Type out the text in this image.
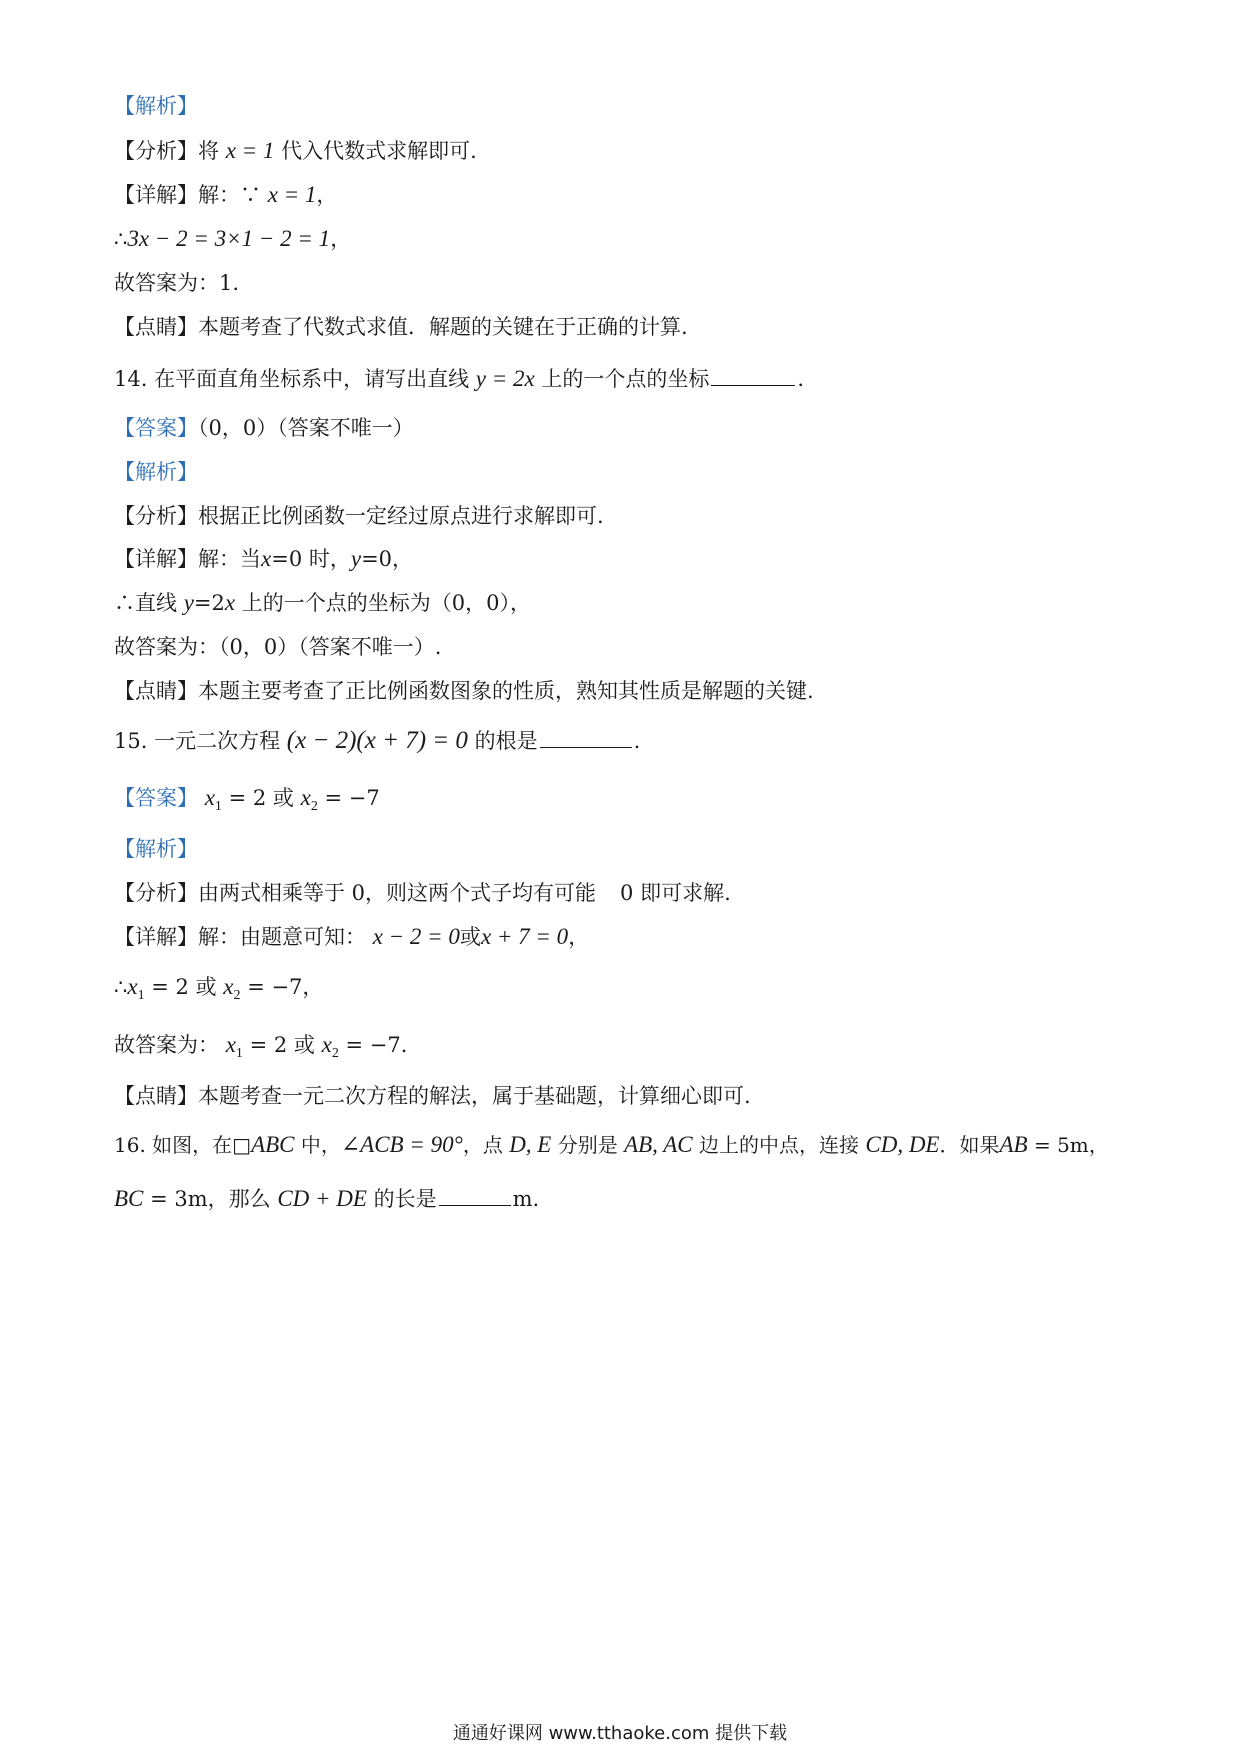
【解析】
【分析】将 x = 1 代入代数式求解即可.
【详解】解：∵ x = 1，
∴3x − 2 = 3×1 − 2 = 1，
故答案为：1.
【点睛】本题考查了代数式求值．解题的关键在于正确的计算.
14. 在平面直角坐标系中，请写出直线 y = 2x 上的一个点的坐标	.
【答案】（0，0）（答案不唯一）
【解析】
【分析】根据正比例函数一定经过原点进行求解即可.
【详解】解：当x=0 时，y=0，
∴直线 y=2x 上的一个点的坐标为（0，0），
故答案为：（0，0）（答案不唯一）.
【点睛】本题主要考查了正比例函数图象的性质，熟知其性质是解题的关键.
15. 一元二次方程 (x − 2)(x + 7) = 0 的根是	.
【答案】 $x_1 = 2$ 或 $x_2 = -7$
【解析】
【分析】由两式相乘等于 0，则这两个式子均有可能 0 即可求解.
【详解】解：由题意可知： x − 2 = 0或x + 7 = 0，
$\therefore x_1 = 2$ 或 $x_2 = -7$，
故答案为： $x_1 = 2$ 或 $x_2 = -7$.
【点睛】本题考查一元二次方程的解法，属于基础题，计算细心即可.
16. 如图，在□ABC 中，∠ACB = 90°，点 D, E 分别是 AB, AC 边上的中点，连接 CD, DE．如果AB = 5m，
BC = 3m，那么 CD + DE 的长是	m.
通通好课网 www.tthaoke.com 提供下载
